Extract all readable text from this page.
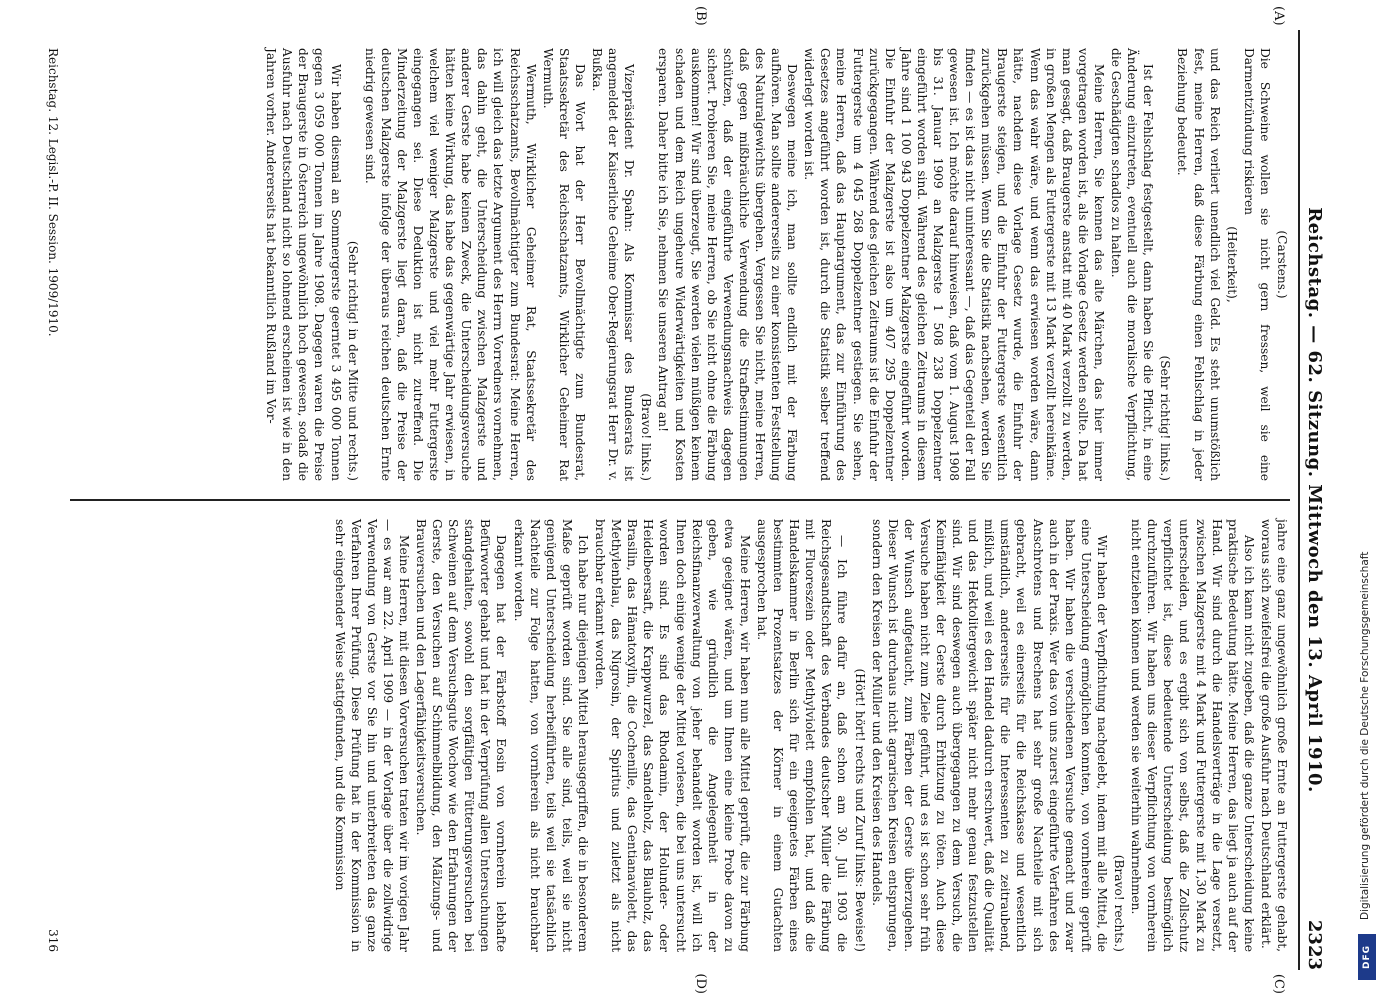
Reichstag. — 62. Sitzung. Mittwoch den 13. April 1910.
2323
(A)
(B)
(C)
(D)

(Carstens.)

Die Schweine wollen sie nicht gern fressen, weil sie eine Darmentzündung riskieren

(Heiterkeit),

und das Reich verliert unendlich viel Geld. Es steht unumstößlich fest, meine Herren, daß diese Färbung einen Fehlschlag in jeder Beziehung bedeutet.

(Sehr richtig! links.)

Ist der Fehlschlag festgestellt, dann haben Sie die Pflicht, in eine Änderung einzutreten, eventuell auch die moralische Verpflichtung, die Geschädigten schadlos zu halten.

Meine Herren, Sie kennen das alte Märchen, das hier immer vorgetragen worden ist, als die Vorlage Gesetz werden sollte. Da hat man gesagt, daß Braugerste anstatt mit 40 Mark verzollt zu werden, in großen Mengen als Futtergerste mit 13 Mark verzollt hereinkäme. Wenn das wahr wäre, und wenn das erwiesen worden wäre, dann hätte, nachdem diese Vorlage Gesetz wurde, die Einfuhr der Braugerste steigen, und die Einfuhr der Futtergerste wesentlich zurückgehen müssen. Wenn Sie die Statistik nachsehen, werden Sie finden — es ist das nicht uninteressant —, daß das Gegenteil der Fall gewesen ist. Ich möchte darauf hinweisen, daß vom 1. August 1908 bis 31. Januar 1909 an Malzgerste 1 508 238 Doppelzentner eingeführt worden sind. Während des gleichen Zeitraums in diesem Jahre sind 1 100 943 Doppelzentner Malzgerste eingeführt worden. Die Einfuhr der Malzgerste ist also um 407 295 Doppelzentner zurückgegangen. Während des gleichen Zeitraums ist die Einfuhr der Futtergerste um 4 045 268 Doppelzentner gestiegen. Sie sehen, meine Herren, daß das Hauptargument, das zur Einführung des Gesetzes angeführt worden ist, durch die Statistik selber treffend widerlegt worden ist.

Deswegen meine ich, man sollte endlich mit der Färbung aufhören. Man sollte andererseits zu einer konsistenten Feststellung des Naturalgewichts übergehen. Vergessen Sie nicht, meine Herren, daß gegen mißbräuchliche Verwendung die Strafbestimmungen schützen, daß der eingeführte Verwendungsnachweis dagegen sichert. Probieren Sie, meine Herren, ob Sie nicht ohne die Färbung auskommen! Wir sind überzeugt, Sie werden vielen müßigen keinem schaden und dem Reich ungeheure Widerwärtigkeiten und Kosten ersparen. Daher bitte ich Sie, nehmen Sie unseren Antrag an!

(Bravo! links.)

Vizepräsident Dr. Spahn: Als Kommissar des Bundesrats ist angemeldet der Kaiserliche Geheime Ober-Regierungsrat Herr Dr. v. Bußka.

Das Wort hat der Herr Bevollmächtigte zum Bundesrat, Staatssekretär des Reichsschatzamts, Wirklicher Geheimer Rat Wermuth.

Wermuth, Wirklicher Geheimer Rat, Staatssekretär des Reichsschatzamts, Bevollmächtigter zum Bundesrat: Meine Herren, ich will gleich das letzte Argument des Herrn Vorredners vornehmen, das dahin geht, die Unterscheidung zwischen Malzgerste und anderer Gerste habe keinen Zweck, die Unterscheidungsversuche hätten keine Wirkung, das habe das gegenwärtige Jahr erwiesen, in welchem viel weniger Malzgerste und viel mehr Futtergerste eingegangen sei. Diese Deduktion ist nicht zutreffend. Die Minderzeitung der Malzgerste liegt daran, daß die Preise der deutschen Malzgerste infolge der überaus reichen deutschen Ernte niedrig gewesen sind.

(Sehr richtig! in der Mitte und rechts.)

Wir haben diesmal an Sommergerste geerntet 3 495 000 Tonnen gegen 3 059 000 Tonnen im Jahre 1908. Dagegen waren die Preise der Braugerste in Österreich ungewöhnlich hoch gewesen, sodaß die Ausfuhr nach Deutschland nicht so lohnend erscheinen ist wie in den Jahren vorher. Andererseits hat bekanntlich Rußland im Vor-

jahre eine ganz ungewöhnlich große Ernte an Futtergerste gehabt, woraus sich zweifelsfrei die große Ausfuhr nach Deutschland erklärt.

Also ich kann nicht zugeben, daß die ganze Unterscheidung keine praktische Bedeutung hätte. Meine Herren, das liegt ja auch auf der Hand. Wir sind durch die Handelsverträge in die Lage versetzt, zwischen Malzgerste mit 4 Mark und Futtergerste mit 1,30 Mark zu unterscheiden, und es ergibt sich von selbst, daß die Zollschutz verpflichtet ist, diese bedeutende Unterscheidung bestmöglich durchzuführen. Wir haben uns dieser Verpflichtung von vornherein nicht entziehen können und werden sie weiterhin wahrnehmen.

(Bravo! rechts.)

Wir haben der Verpflichtung nachgelebt, indem mit alle Mittel, die eine Unterscheidung ermöglichen konnten, von vornherein geprüft haben. Wir haben die verschiedenen Versuche gemacht und zwar auch in der Praxis. Wer das von uns zuerst eingeführte Verfahren des Anschrotens und Brechens hat sehr große Nachteile mit sich gebracht, weil es einerseits für die Reichskasse und wesentlich umständlich, andererseits für die Interessenten zu zeitraubend, mißlich, und weil es den Handel dadurch erschwert, daß die Qualität und das Hektolitergewicht später nicht mehr genau festzustellen sind. Wir sind deswegen auch übergegangen zu dem Versuch, die Keimfähigkeit der Gerste durch Erhitzung zu töten. Auch diese Versuche haben nicht zum Ziele geführt, und es ist schon sehr früh der Wunsch aufgetaucht, zum Färben der Gerste überzugehen. Dieser Wunsch ist durchaus nicht agrarischen Kreisen entsprungen, sondern den Kreisen der Müller und den Kreisen des Handels.

(Hört! hört! rechts und Zuruf links: Beweise!)

— Ich führe dafür an, daß schon am 30. Juli 1903 die Reichsgesandtschaft des Verbandes deutscher Müller die Färbung mit Fluoreszein oder Methylviolett empfohlen hat, und daß die Handelskammer in Berlin sich für ein geeignetes Färben eines bestimmten Prozentsatzes der Körner in einem Gutachten ausgesprochen hat.

Meine Herren, wir haben nun alle Mittel geprüft, die zur Färbung etwa geeignet wären, und um Ihnen eine kleine Probe davon zu geben, wie gründlich die Angelegenheit in der Reichsfinanzverwaltung von jeher behandelt worden ist, will ich Ihnen doch einige wenige der Mittel vorlesen, die bei uns untersucht worden sind. Es sind das Rhodamin, der Holunder- oder Heidelbeersaft, die Krappwurzel, das Sandelholz, das Blauholz, das Brasilin, das Hämatoxylin, die Cochenille, das Gentianaviolett, das Methylenblau, das Nigrosin, der Spiritus und zuletzt als nicht brauchbar erkannt worden.

Ich habe nur diejenigen Mittel herausgegriffen, die in besonderem Maße geprüft worden sind. Sie alle sind, teils, weil sie nicht genügend Unterscheidung herbeiführten, teils weil sie tatsächlich Nachteile zur Folge hatten, von vornherein als nicht brauchbar erkannt worden.

Dagegen hat der Färbstoff Eosin von vornherein lebhafte Befürworter gehabt und hat in der Verprüfung allen Untersuchungen standgehalten, sowohl den sorgfältigen Fütterungsversuchen bei Schweinen auf dem Versuchsgute Wochow wie den Erfahrungen der Gerste, den Versuchen auf Schimmelbildung, den Mälzungs- und Brauversuchen und den Lagerfähigkeitsversuchen.

Meine Herren, mit diesen Vorversuchen traten wir im vorigen Jahr — es war am 22. April 1909 — in der Vorlage über die zollwidrige Verwendung von Gerste vor Sie hin und unterbreiteten das ganze Verfahren Ihrer Prüfung. Diese Prüfung hat in der Kommission in sehr eingehender Weise stattgefunden, und die Kommission

Reichstag. 12. Legisl.-P. II. Session. 1909/1910.
316
Digitalisierung gefördert durch die Deutsche Forschungsgemeinschaft
DFG
